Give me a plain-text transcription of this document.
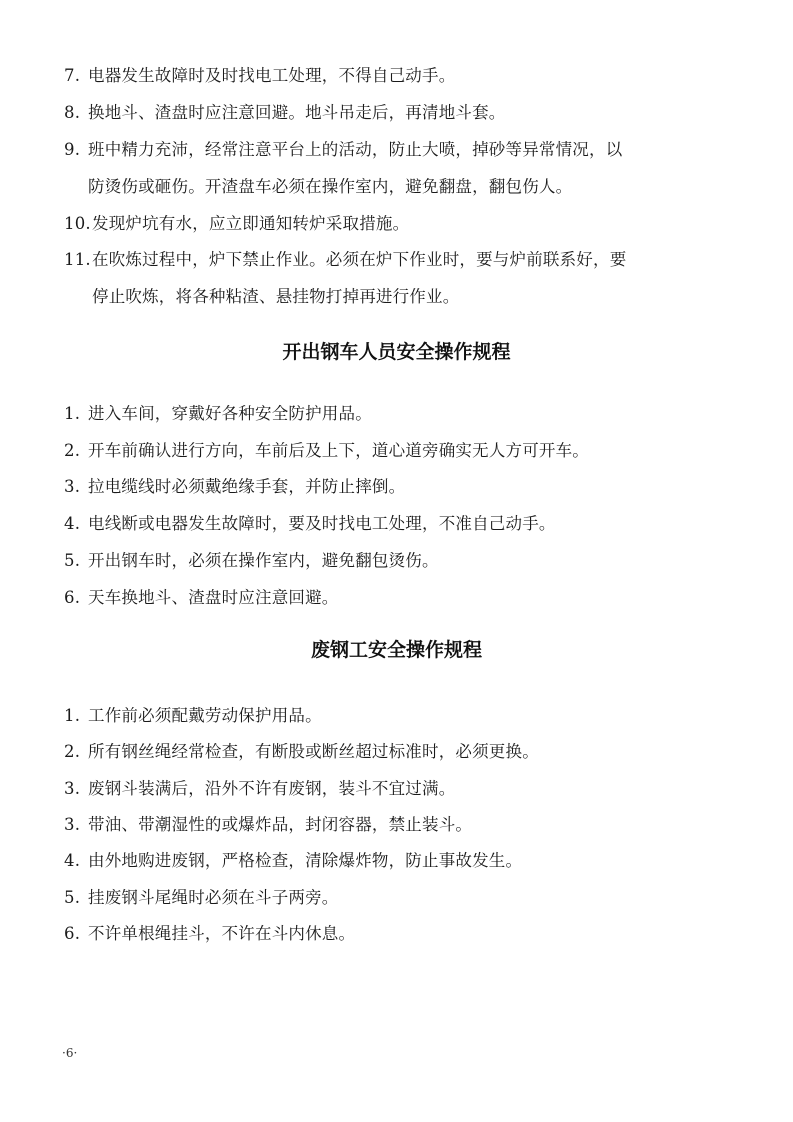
7. 电器发生故障时及时找电工处理，不得自己动手。
8. 换地斗、渣盘时应注意回避。地斗吊走后，再清地斗套。
9. 班中精力充沛，经常注意平台上的活动，防止大喷，掉砂等异常情况，以
防烫伤或砸伤。开渣盘车必须在操作室内，避免翻盘，翻包伤人。
10.发现炉坑有水，应立即通知转炉采取措施。
11.在吹炼过程中，炉下禁止作业。必须在炉下作业时，要与炉前联系好，要
停止吹炼，将各种粘渣、悬挂物打掉再进行作业。
开出钢车人员安全操作规程
1. 进入车间，穿戴好各种安全防护用品。
2. 开车前确认进行方向，车前后及上下，道心道旁确实无人方可开车。
3. 拉电缆线时必须戴绝缘手套，并防止摔倒。
4. 电线断或电器发生故障时，要及时找电工处理，不准自己动手。
5. 开出钢车时，必须在操作室内，避免翻包烫伤。
6. 天车换地斗、渣盘时应注意回避。
废钢工安全操作规程
1. 工作前必须配戴劳动保护用品。
2. 所有钢丝绳经常检查，有断股或断丝超过标准时，必须更换。
3. 废钢斗装满后，沿外不许有废钢，装斗不宜过满。
3. 带油、带潮湿性的或爆炸品，封闭容器，禁止装斗。
4. 由外地购进废钢，严格检查，清除爆炸物，防止事故发生。
5. 挂废钢斗尾绳时必须在斗子两旁。
6. 不许单根绳挂斗，不许在斗内休息。
·6·
